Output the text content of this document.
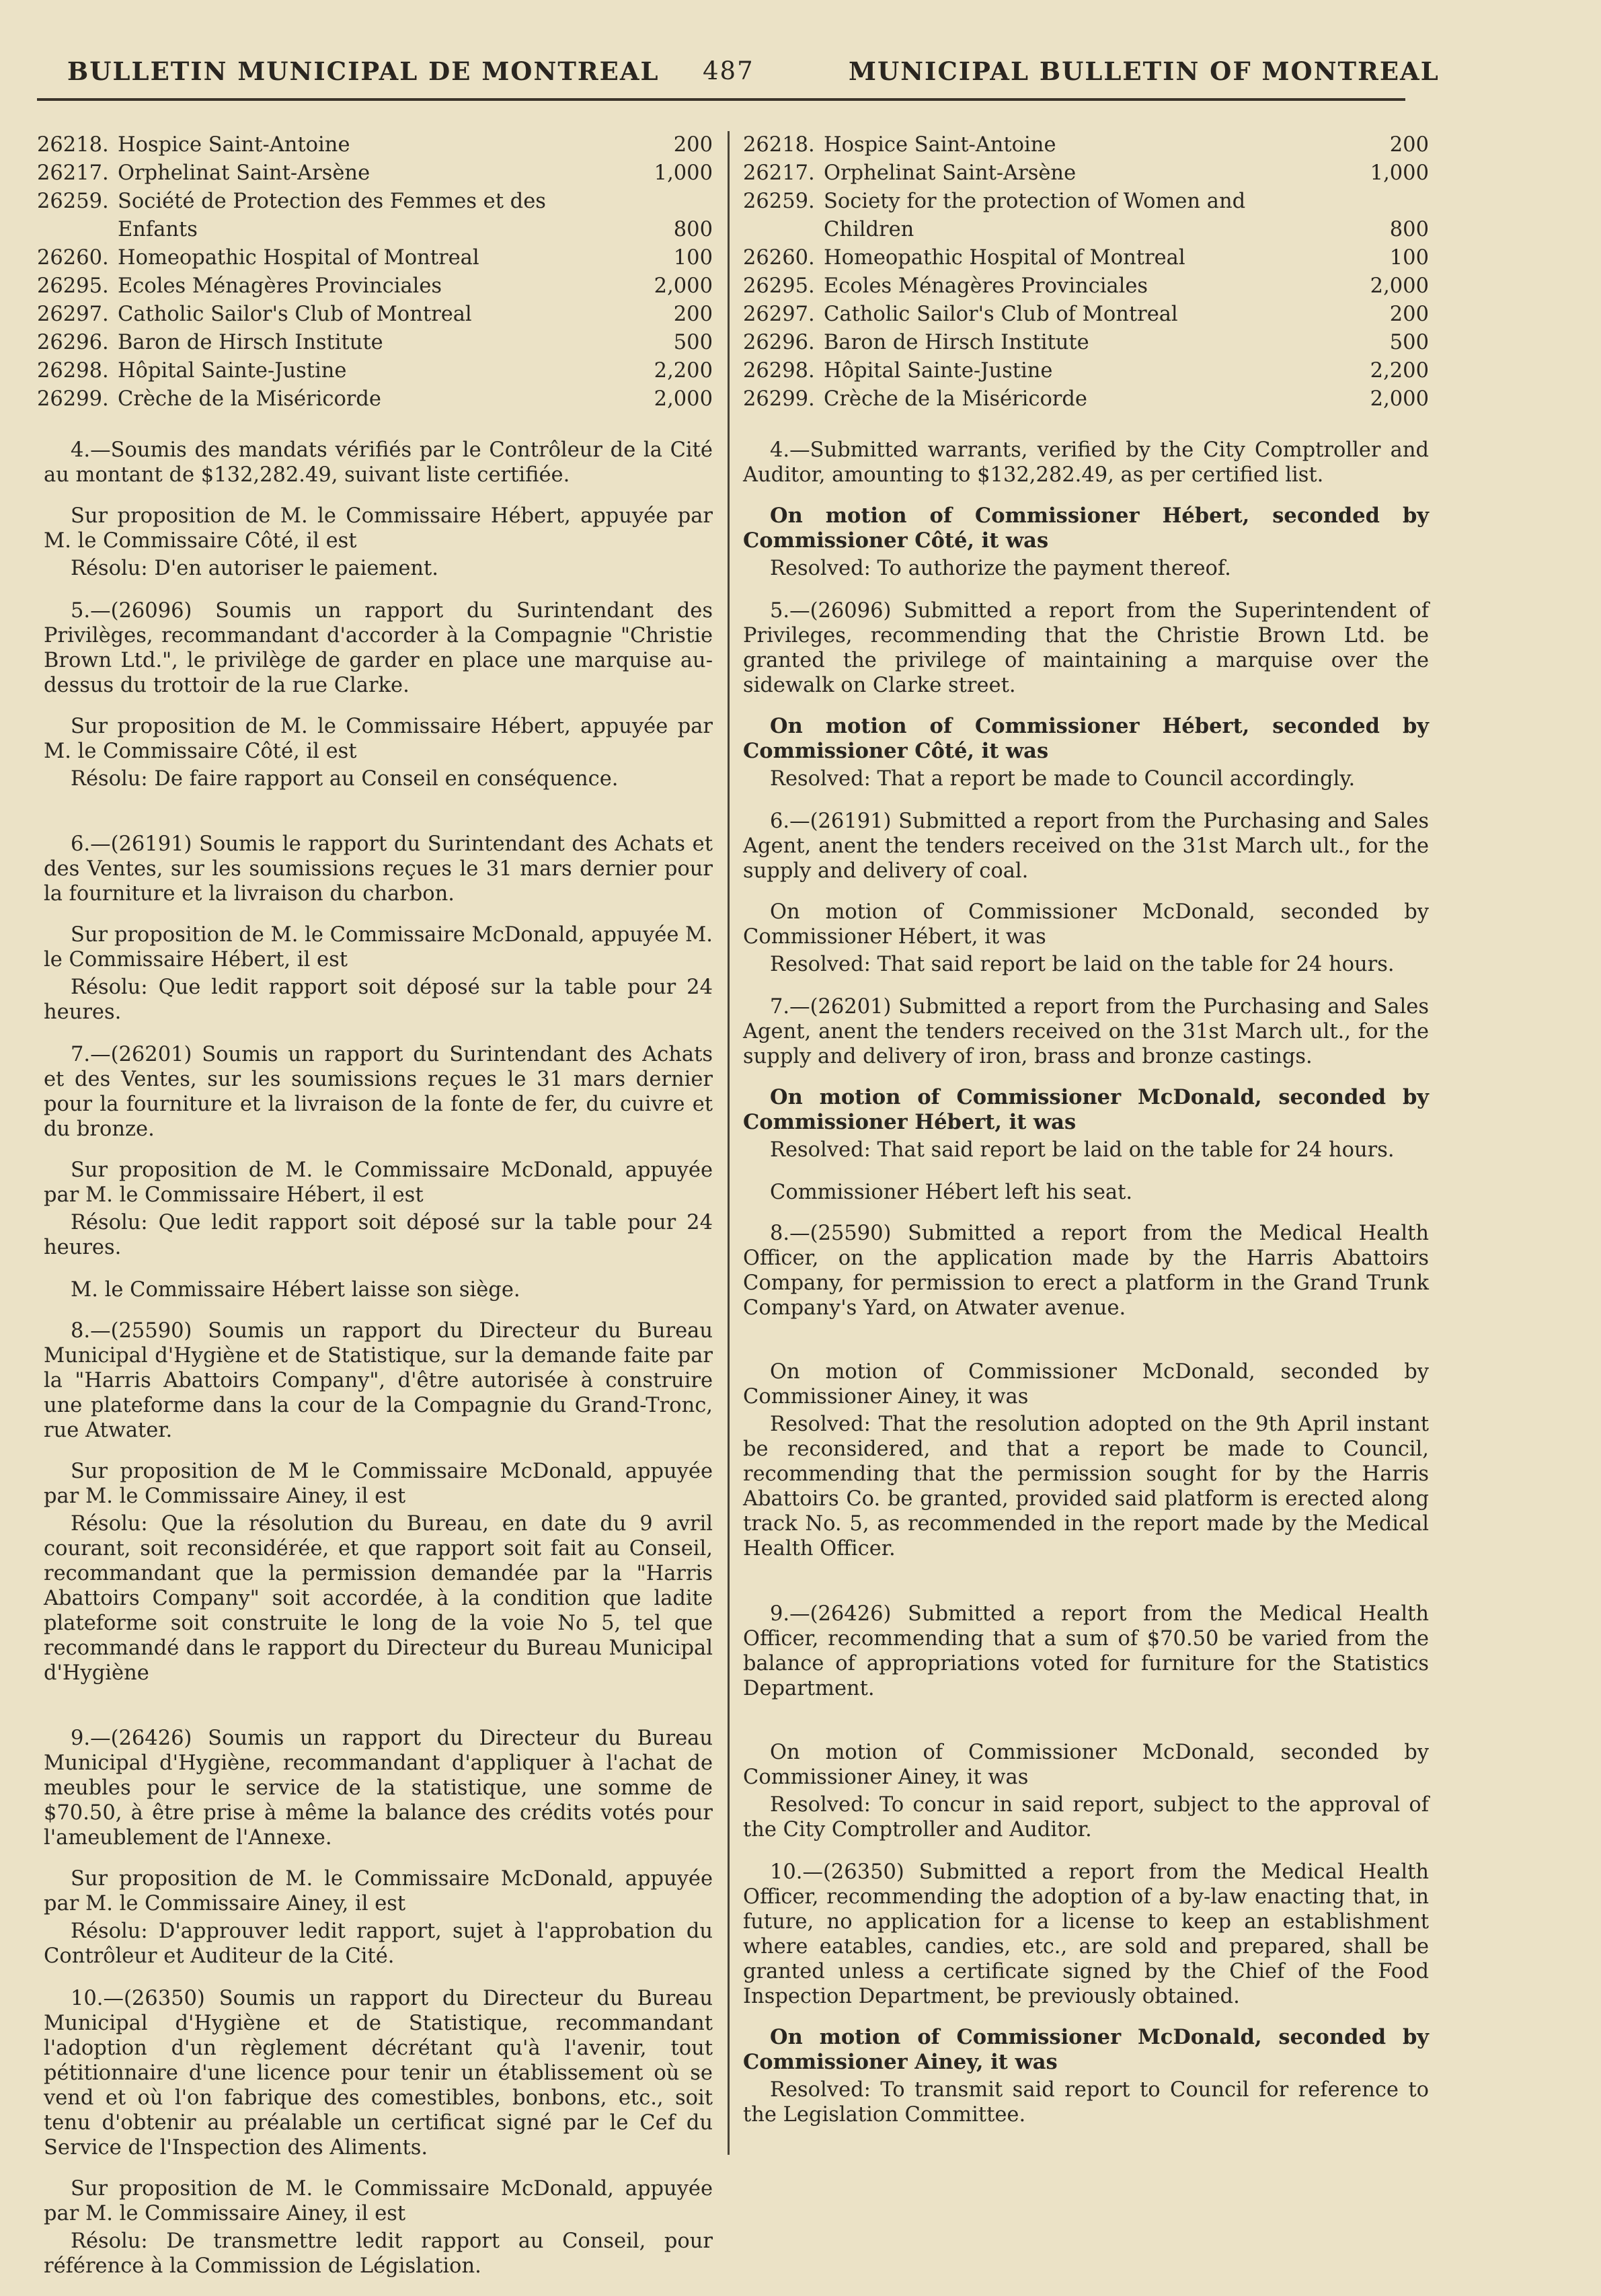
BULLETIN MUNICIPAL DE MONTREAL 487	MUNICIPAL BULLETIN OF MONTREAL
26218. Hospice Saint-Antoine	200
26217. Orphelinat Saint-Arsène	1,000
26259. Société de Protection des Femmes et des Enfants	800
26260. Homeopathic Hospital of Montreal	100
26295. Ecoles Ménagères Provinciales	2,000
26297. Catholic Sailor's Club of Montreal	200
26296. Baron de Hirsch Institute	500
26298. Hôpital Sainte-Justine	2,200
26299. Crèche de la Miséricorde	2,000
4.—Soumis des mandats vérifiés par le Contrôleur de la Cité au montant de $132,282.49, suivant liste certifiée.
Sur proposition de M. le Commissaire Hébert, appuyée par M. le Commissaire Côté, il est
Résolu: D'en autoriser le paiement.
5.—(26096) Soumis un rapport du Surintendant des Privilèges, recommandant d'accorder à la Compagnie "Christie Brown Ltd.", le privilège de garder en place une marquise au-dessus du trottoir de la rue Clarke.
Sur proposition de M. le Commissaire Hébert, appuyée par M. le Commissaire Côté, il est
Résolu: De faire rapport au Conseil en conséquence.
6.—(26191) Soumis le rapport du Surintendant des Achats et des Ventes, sur les soumissions reçues le 31 mars dernier pour la fourniture et la livraison du charbon.
Sur proposition de M. le Commissaire McDonald, appuyée M. le Commissaire Hébert, il est
Résolu: Que ledit rapport soit déposé sur la table pour 24 heures.
7.—(26201) Soumis un rapport du Surintendant des Achats et des Ventes, sur les soumissions reçues le 31 mars dernier pour la fourniture et la livraison de la fonte de fer, du cuivre et du bronze.
Sur proposition de M. le Commissaire McDonald, appuyée par M. le Commissaire Hébert, il est
Résolu: Que ledit rapport soit déposé sur la table pour 24 heures.
M. le Commissaire Hébert laisse son siège.
8.—(25590) Soumis un rapport du Directeur du Bureau Municipal d'Hygiène et de Statistique, sur la demande faite par la "Harris Abattoirs Company", d'être autorisée à construire une plateforme dans la cour de la Compagnie du Grand-Tronc, rue Atwater.
Sur proposition de M le Commissaire McDonald, appuyée par M. le Commissaire Ainey, il est
Résolu: Que la résolution du Bureau, en date du 9 avril courant, soit reconsidérée, et que rapport soit fait au Conseil, recommandant que la permission demandée par la "Harris Abattoirs Company" soit accordée, à la condition que ladite plateforme soit construite le long de la voie No 5, tel que recommandé dans le rapport du Directeur du Bureau Municipal d'Hygiène
9.—(26426) Soumis un rapport du Directeur du Bureau Municipal d'Hygiène, recommandant d'appliquer à l'achat de meubles pour le service de la statistique, une somme de $70.50, à être prise à même la balance des crédits votés pour l'ameublement de l'Annexe.
Sur proposition de M. le Commissaire McDonald, appuyée par M. le Commissaire Ainey, il est
Résolu: D'approuver ledit rapport, sujet à l'approbation du Contrôleur et Auditeur de la Cité.
10.—(26350) Soumis un rapport du Directeur du Bureau Municipal d'Hygiène et de Statistique, recommandant l'adoption d'un règlement décrétant qu'à l'avenir, tout pétitionnaire d'une licence pour tenir un établissement où se vend et où l'on fabrique des comestibles, bonbons, etc., soit tenu d'obtenir au préalable un certificat signé par le Cef du Service de l'Inspection des Aliments.
Sur proposition de M. le Commissaire McDonald, appuyée par M. le Commissaire Ainey, il est
Résolu: De transmettre ledit rapport au Conseil, pour référence à la Commission de Législation.
26218. Hospice Saint-Antoine	200
26217. Orphelinat Saint-Arsène	1,000
26259. Society for the protection of Women and Children	800
26260. Homeopathic Hospital of Montreal	100
26295. Ecoles Ménagères Provinciales	2,000
26297. Catholic Sailor's Club of Montreal	200
26296. Baron de Hirsch Institute	500
26298. Hôpital Sainte-Justine	2,200
26299. Crèche de la Miséricorde	2,000
4.—Submitted warrants, verified by the City Comptroller and Auditor, amounting to $132,282.49, as per certified list.
On motion of Commissioner Hébert, seconded by Commissioner Côté, it was
Resolved: To authorize the payment thereof.
5.—(26096) Submitted a report from the Superintendent of Privileges, recommending that the Christie Brown Ltd. be granted the privilege of maintaining a marquise over the sidewalk on Clarke street.
On motion of Commissioner Hébert, seconded by Commissioner Côté, it was
Resolved: That a report be made to Council accordingly.
6.—(26191) Submitted a report from the Purchasing and Sales Agent, anent the tenders received on the 31st March ult., for the supply and delivery of coal.
On motion of Commissioner McDonald, seconded by Commissioner Hébert, it was
Resolved: That said report be laid on the table for 24 hours.
7.—(26201) Submitted a report from the Purchasing and Sales Agent, anent the tenders received on the 31st March ult., for the supply and delivery of iron, brass and bronze castings.
On motion of Commissioner McDonald, seconded by Commissioner Hébert, it was
Resolved: That said report be laid on the table for 24 hours.
Commissioner Hébert left his seat.
8.—(25590) Submitted a report from the Medical Health Officer, on the application made by the Harris Abattoirs Company, for permission to erect a platform in the Grand Trunk Company's Yard, on Atwater avenue.
On motion of Commissioner McDonald, seconded by Commissioner Ainey, it was
Resolved: That the resolution adopted on the 9th April instant be reconsidered, and that a report be made to Council, recommending that the permission sought for by the Harris Abattoirs Co. be granted, provided said platform is erected along track No. 5, as recommended in the report made by the Medical Health Officer.
9.—(26426) Submitted a report from the Medical Health Officer, recommending that a sum of $70.50 be varied from the balance of appropriations voted for furniture for the Statistics Department.
On motion of Commissioner McDonald, seconded by Commissioner Ainey, it was
Resolved: To concur in said report, subject to the approval of the City Comptroller and Auditor.
10.—(26350) Submitted a report from the Medical Health Officer, recommending the adoption of a by-law enacting that, in future, no application for a license to keep an establishment where eatables, candies, etc., are sold and prepared, shall be granted unless a certificate signed by the Chief of the Food Inspection Department, be previously obtained.
On motion of Commissioner McDonald, seconded by Commissioner Ainey, it was
Resolved: To transmit said report to Council for reference to the Legislation Committee.
